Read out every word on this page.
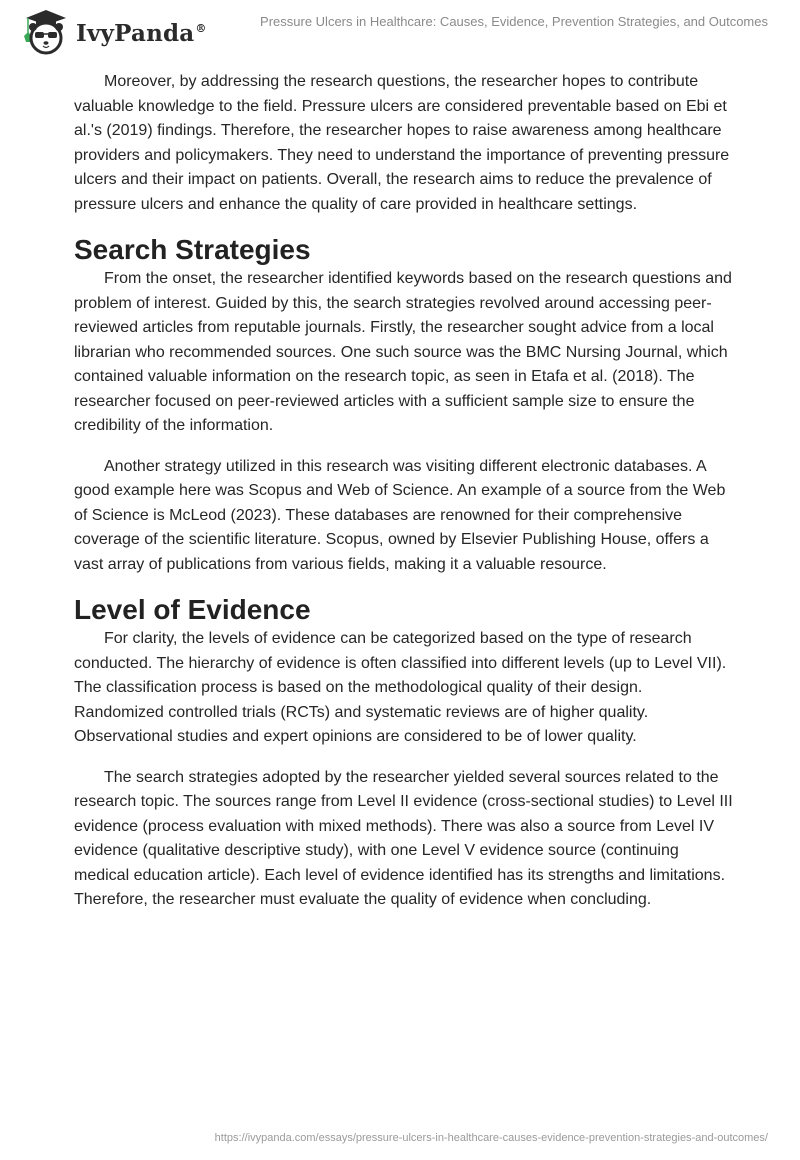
IvyPanda®	Pressure Ulcers in Healthcare: Causes, Evidence, Prevention Strategies, and Outcomes

Moreover, by addressing the research questions, the researcher hopes to contribute valuable knowledge to the field. Pressure ulcers are considered preventable based on Ebi et al.'s (2019) findings. Therefore, the researcher hopes to raise awareness among healthcare providers and policymakers. They need to understand the importance of preventing pressure ulcers and their impact on patients. Overall, the research aims to reduce the prevalence of pressure ulcers and enhance the quality of care provided in healthcare settings.

Search Strategies

From the onset, the researcher identified keywords based on the research questions and problem of interest. Guided by this, the search strategies revolved around accessing peer-reviewed articles from reputable journals. Firstly, the researcher sought advice from a local librarian who recommended sources. One such source was the BMC Nursing Journal, which contained valuable information on the research topic, as seen in Etafa et al. (2018). The researcher focused on peer-reviewed articles with a sufficient sample size to ensure the credibility of the information.

Another strategy utilized in this research was visiting different electronic databases. A good example here was Scopus and Web of Science. An example of a source from the Web of Science is McLeod (2023). These databases are renowned for their comprehensive coverage of the scientific literature. Scopus, owned by Elsevier Publishing House, offers a vast array of publications from various fields, making it a valuable resource.

Level of Evidence

For clarity, the levels of evidence can be categorized based on the type of research conducted. The hierarchy of evidence is often classified into different levels (up to Level VII). The classification process is based on the methodological quality of their design. Randomized controlled trials (RCTs) and systematic reviews are of higher quality. Observational studies and expert opinions are considered to be of lower quality.

The search strategies adopted by the researcher yielded several sources related to the research topic. The sources range from Level II evidence (cross-sectional studies) to Level III evidence (process evaluation with mixed methods). There was also a source from Level IV evidence (qualitative descriptive study), with one Level V evidence source (continuing medical education article). Each level of evidence identified has its strengths and limitations. Therefore, the researcher must evaluate the quality of evidence when concluding.

https://ivypanda.com/essays/pressure-ulcers-in-healthcare-causes-evidence-prevention-strategies-and-outcomes/
